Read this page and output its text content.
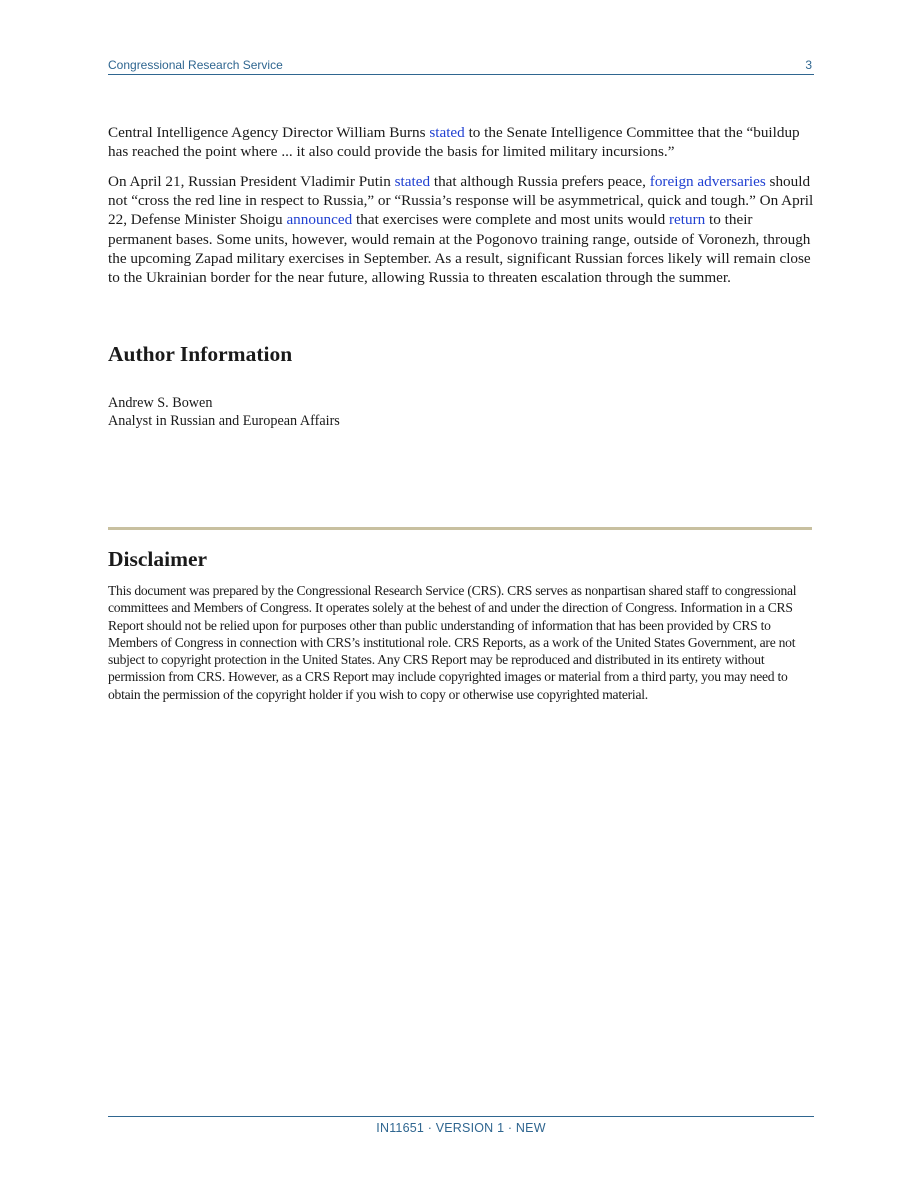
Congressional Research Service	3

Central Intelligence Agency Director William Burns stated to the Senate Intelligence Committee that the “buildup has reached the point where ... it also could provide the basis for limited military incursions.”

On April 21, Russian President Vladimir Putin stated that although Russia prefers peace, foreign adversaries should not “cross the red line in respect to Russia,” or “Russia’s response will be asymmetrical, quick and tough.” On April 22, Defense Minister Shoigu announced that exercises were complete and most units would return to their permanent bases. Some units, however, would remain at the Pogonovo training range, outside of Voronezh, through the upcoming Zapad military exercises in September. As a result, significant Russian forces likely will remain close to the Ukrainian border for the near future, allowing Russia to threaten escalation through the summer.

Author Information
Andrew S. Bowen
Analyst in Russian and European Affairs
Disclaimer

This document was prepared by the Congressional Research Service (CRS). CRS serves as nonpartisan shared staff to congressional committees and Members of Congress. It operates solely at the behest of and under the direction of Congress. Information in a CRS Report should not be relied upon for purposes other than public understanding of information that has been provided by CRS to Members of Congress in connection with CRS’s institutional role. CRS Reports, as a work of the United States Government, are not subject to copyright protection in the United States. Any CRS Report may be reproduced and distributed in its entirety without permission from CRS. However, as a CRS Report may include copyrighted images or material from a third party, you may need to obtain the permission of the copyright holder if you wish to copy or otherwise use copyrighted material.

IN11651 · VERSION 1 · NEW
